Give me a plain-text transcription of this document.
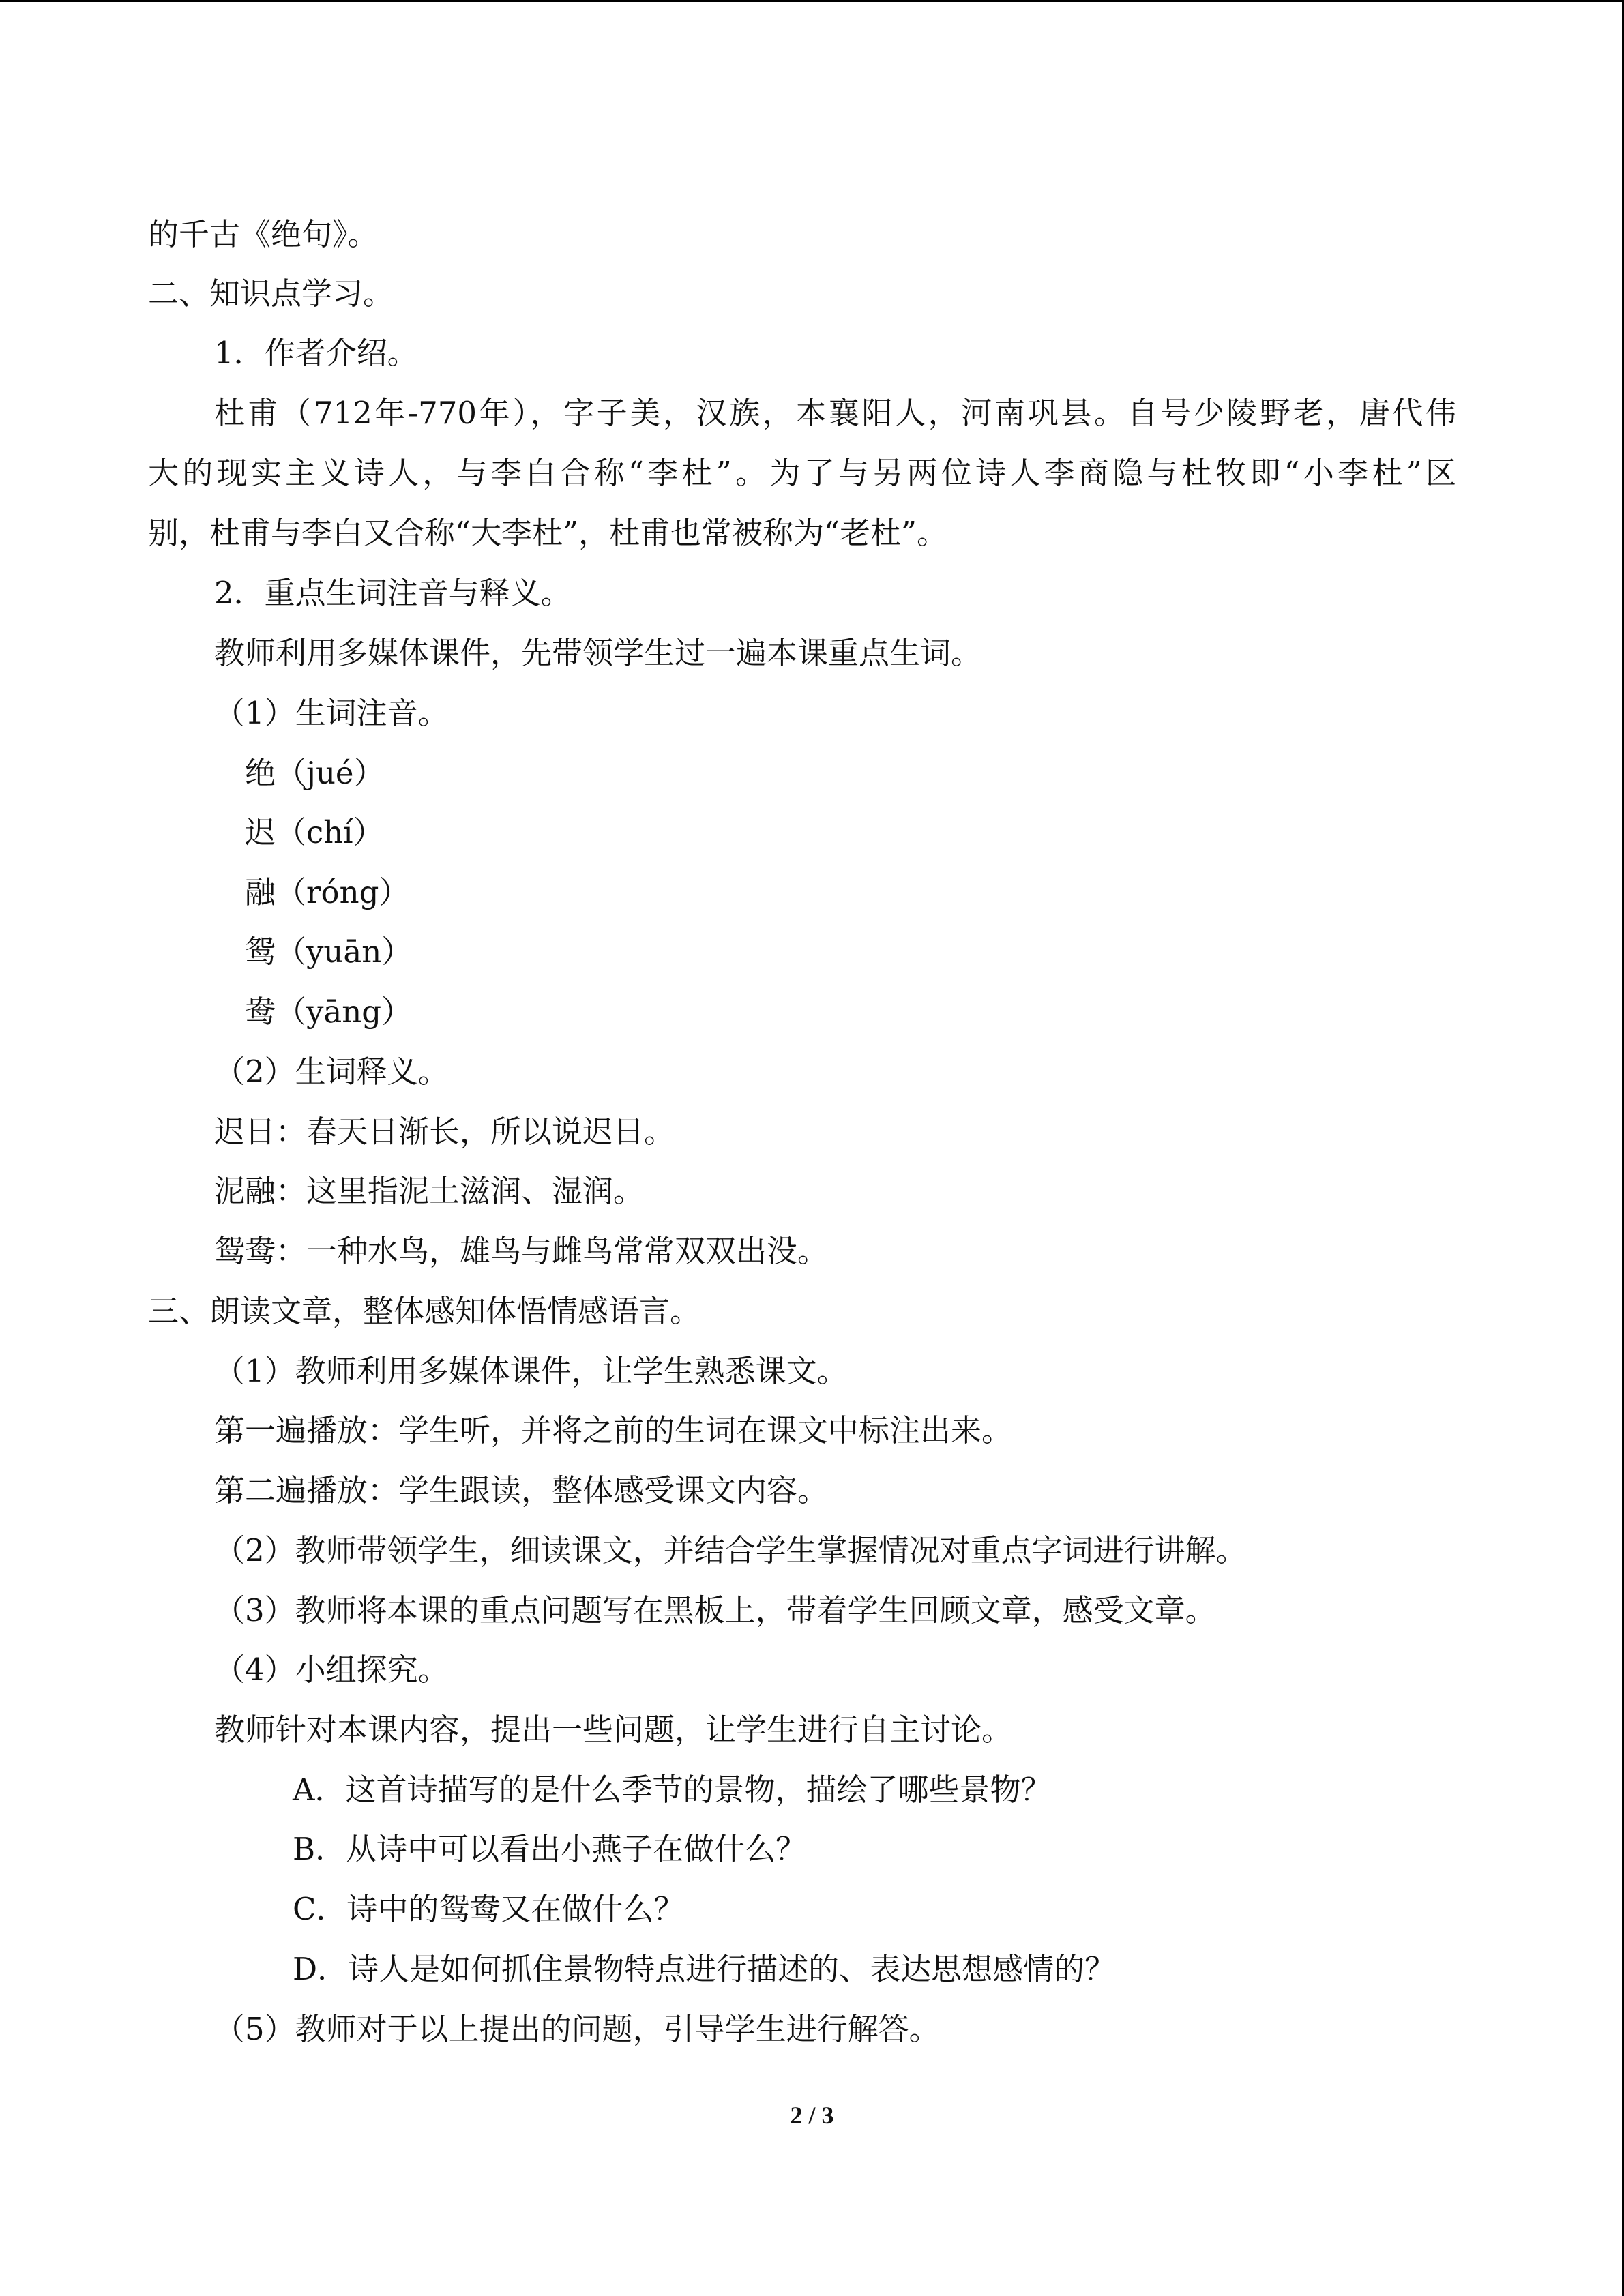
的千古《绝句》。
二、知识点学习。
1．作者介绍。
杜甫（712年-770年），字子美，汉族，本襄阳人，河南巩县。自号少陵野老，唐代伟
大的现实主义诗人，与李白合称“李杜”。为了与另两位诗人李商隐与杜牧即“小李杜”区
别，杜甫与李白又合称“大李杜”，杜甫也常被称为“老杜”。
2．重点生词注音与释义。
教师利用多媒体课件，先带领学生过一遍本课重点生词。
（1）生词注音。
绝（jué）
迟（chí）
融（róng）
鸳（yuān）
鸯（yāng）
（2）生词释义。
迟日：春天日渐长，所以说迟日。
泥融：这里指泥土滋润、湿润。
鸳鸯：一种水鸟，雄鸟与雌鸟常常双双出没。
三、朗读文章，整体感知体悟情感语言。
（1）教师利用多媒体课件，让学生熟悉课文。
第一遍播放：学生听，并将之前的生词在课文中标注出来。
第二遍播放：学生跟读，整体感受课文内容。
（2）教师带领学生，细读课文，并结合学生掌握情况对重点字词进行讲解。
（3）教师将本课的重点问题写在黑板上，带着学生回顾文章，感受文章。
（4）小组探究。
教师针对本课内容，提出一些问题，让学生进行自主讨论。
A．这首诗描写的是什么季节的景物，描绘了哪些景物？
B．从诗中可以看出小燕子在做什么？
C．诗中的鸳鸯又在做什么？
D．诗人是如何抓住景物特点进行描述的、表达思想感情的？
（5）教师对于以上提出的问题，引导学生进行解答。
2 / 3
